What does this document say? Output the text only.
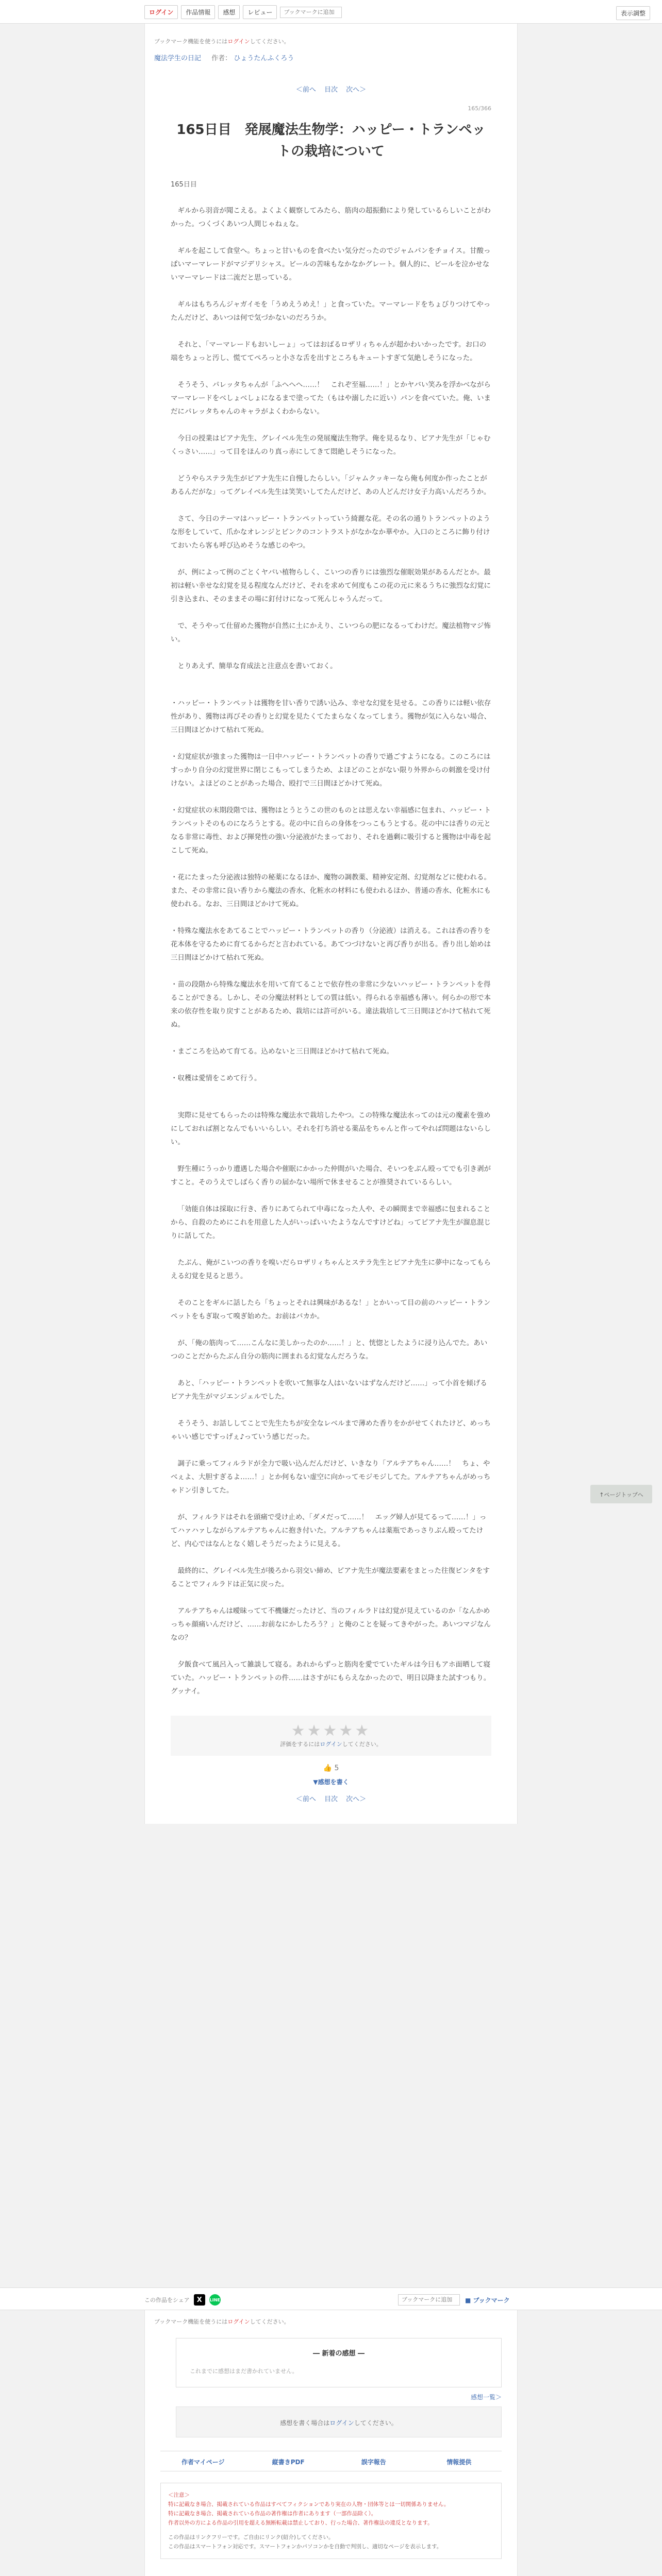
ログイン	作品情報	感想	レビュー
ブックマークに追加	表示調整
ブックマーク機能を使うにはログインしてください。
魔法学生の日記 作者： ひょうたんふくろう
＜前へ 目次 次へ＞
165/366
165日目　発展魔法生物学：ハッピー・トランペットの栽培について
165日目

ギルから羽音が聞こえる。よくよく観察してみたら、筋肉の超振動により発しているらしいことがわかった。つくづくあいつ人間じゃねぇな。

ギルを起こして食堂へ。ちょっと甘いものを食べたい気分だったのでジャムパンをチョイス。甘酸っぱいマーマレードがマジデリシャス。ビールの苦味もなかなかグレート。個人的に、ビールを泣かせないマーマレードは二流だと思っている。

ギルはもちろんジャガイモを「うめえうめえ！」と食っていた。マーマレードをちょびりつけてやったんだけど、あいつは何で気づかないのだろうか。

それと、「マーマレードもおいしーょ」ってはおばるロザリィちゃんが超かわいかったです。お口の端をちょっと汚し、慌ててぺろっと小さな舌を出すところもキュートすぎて気絶しそうになった。

そうそう、パレッタちゃんが「ふへへへ……！　これぞ至福……！」とかヤバい笑みを浮かべながらマーマレードをべしょべしょになるまで塗ってた（もはや溺したに近い）パンを食べていた。俺、いまだにパレッタちゃんのキャラがよくわからない。

今日の授業はピアナ先生、グレイベル先生の発展魔法生物学。俺を見るなり、ピアナ先生が「じゃむくっさい……」って目をほんのり真っ赤にしてきて悶絶しそうになった。

どうやらステラ先生がピアナ先生に自慢したらしい。「ジャムクッキーなら俺も何度か作ったことがあるんだがな」ってグレイベル先生は笑笑いしてたんだけど、あの人どんだけ女子力高いんだろうか。

さて、今日のテーマはハッピー・トランペットっていう綺麗な花。その名の通りトランペットのような形をしていて、爪かなオレンジとピンクのコントラストがなかなか華やか。入口のところに飾り付けておいたら客も呼び込めそうな感じのやつ。

が、例によって例のごとくヤバい植物らしく、こいつの香りには強烈な催眠効果があるんだとか。最初は軽い幸せな幻覚を見る程度なんだけど、それを求めて何度もこの花の元に来るうちに強烈な幻覚に引き込まれ、そのままその場に釘付けになって死んじゃうんだって。

で、そうやって仕留めた獲物が自然に土にかえり、こいつらの肥になるってわけだ。魔法植物マジ怖い。

とりあえず、簡単な育成法と注意点を書いておく。

・ハッピー・トランペットは獲物を甘い香りで誘い込み、幸せな幻覚を見せる。この香りには軽い依存性があり、獲物は再びその香りと幻覚を見たくてたまらなくなってしまう。獲物が気に入らない場合、三日間ほどかけて枯れて死ぬ。

・幻覚症状が強まった獲物は一日中ハッピー・トランペットの香りで過ごすようになる。このころにはすっかり自分の幻覚世界に閉じこもってしまうため、よほどのことがない限り外界からの刺激を受け付けない。よほどのことがあった場合、殴打で三日間ほどかけて死ぬ。

・幻覚症状の末期段階では、獲物はとうとうこの世のものとは思えない幸福感に包まれ、ハッピー・トランペットそのものになろうとする。花の中に自らの身体をつっこもうとする。花の中には香りの元となる非常に毒性、および揮発性の強い分泌液がたまっており、それを過剰に吸引すると獲物は中毒を起こして死ぬ。

・花にたまった分泌液は独特の秘薬になるほか、魔物の調教薬、精神安定剤、幻覚剤などに使われる。また、その非常に良い香りから魔法の香水、化粧水の材料にも使われるほか、普通の香水、化粧水にも使われる。なお、三日間ほどかけて死ぬ。

・特殊な魔法水をあてることでハッピー・トランペットの香り（分泌液）は消える。これは香の香りを花本体を守るために育てるからだと言われている。あてつづけないと再び香りが出る。香り出し始めは三日間ほどかけて枯れて死ぬ。

・苗の段階から特殊な魔法水を用いて育てることで依存性の非常に少ないハッピー・トランペットを得ることができる。しかし、その分魔法材料としての質は低い。得られる幸福感も薄い。何らかの形で本来の依存性を取り戻すことがあるため、栽培には許可がいる。違法栽培して三日間ほどかけて枯れて死ぬ。

・まごころを込めて育てる。込めないと三日間ほどかけて枯れて死ぬ。

・収穫は愛情をこめて行う。

実際に見せてもらったのは特殊な魔法水で栽培したやつ。この特殊な魔法水ってのは元の魔素を強めにしておれば割となんでもいいらしい。それを打ち消せる薬品をちゃんと作ってやれば問題はないらしい。

野生種にうっかり遭遇した場合や催眠にかかった仲間がいた場合、そいつをぶん殴ってでも引き剥がすこと。そのうえでしばらく香りの届かない場所で休ませることが推奨されているらしい。

「効能自体は採取に行き、香りにあてられて中毒になった人や、その瞬間まで幸福感に包まれることから、自殺のためにこれを用意した人がいっぱいいたようなんですけどね」ってピアナ先生が溜息混じりに話してた。

たぶん、俺がこいつの香りを嗅いだらロザリィちゃんとステラ先生とピアナ先生に夢中になってもらえる幻覚を見ると思う。

そのことをギルに話したら「ちょっとそれは興味があるな！」とかいって目の前のハッピー・トランペットをもぎ取って嗅ぎ始めた。お前はバカか。

が、「俺の筋肉って……こんなに美しかったのか……！」と、恍惚としたように浸り込んでた。あいつのことだからたぶん自分の筋肉に囲まれる幻覚なんだろうな。

あと、「ハッピー・トランペットを吹いて無事な人はいないはずなんだけど……」って小首を傾げるピアナ先生がマジエンジェルでした。

そうそう、お話ししてことで先生たちが安全なレベルまで薄めた香りをかがせてくれたけど、めっちゃいい感じですっげぇ♪っていう感じだった。

調子に乗ってフィルラドが全力で吸い込んだんだけど、いきなり「アルテアちゃん……！　ちょ、やべぇよ、大胆すぎるよ……！」とか何もない虚空に向かってモジモジしてた。アルテアちゃんがめっちゃドン引きしてた。

が、フィルラドはそれを頭痛で受け止め、「ダメだって……！　エッグ婦人が見てるって……！」ってハァハァしながらアルテアちゃんに抱き付いた。アルテアちゃんは薬瓶であっさりぶん殴ってたけど、内心ではなんとなく嬉しそうだったように見える。

最終的に、グレイベル先生が後ろから羽交い締め、ピアナ先生が魔法要素をまとった往復ビンタをすることでフィルラドは正気に戻った。

アルテアちゃんは曖昧ってて不機嫌だったけど、当のフィルラドは幻覚が見えているのか「なんかめっちゃ顔痛いんだけど、……お前なにかしたろう？」と俺のことを疑ってきやがった。あいつマジなんなの？

夕飯食べて風呂入って雑談して寝る。あれからずっと筋肉を愛でていたギルは今日もアホ面晒して寝ていた。ハッピー・トランペットの件……はさすがにもらえなかったので、明日以降また試すつもり。グッナイ。

★★★★★
評価をするにはログインしてください。
👍 5
▼感想を書く
＜前へ 目次 次へ＞
この作品をシェア	X	LINE
ブックマークに追加	■ ブックマーク
ブックマーク機能を使うにはログインしてください。
― 新着の感想 ―
これまでに感想はまだ書かれていません。
感想一覧＞
感想を書く場合はログインしてください。
作者マイページ	縦書きPDF	誤字報告	情報提供
＜注意＞
特に記載なき場合、掲載されている作品はすべてフィクションであり実在の人物・団体等とは一切関係ありません。
特に記載なき場合、掲載されている作品の著作権は作者にあります（一部作品除く）。
作者以外の方による作品の引用を超える無断転載は禁止しており、行った場合、著作権法の違反となります。
この作品はリンクフリーです。ご自由にリンク(紹介)してください。
この作品はスマートフォン対応です。スマートフォンかパソコンかを自動で判別し、適切なページを表示します。
↑ページトップへ
